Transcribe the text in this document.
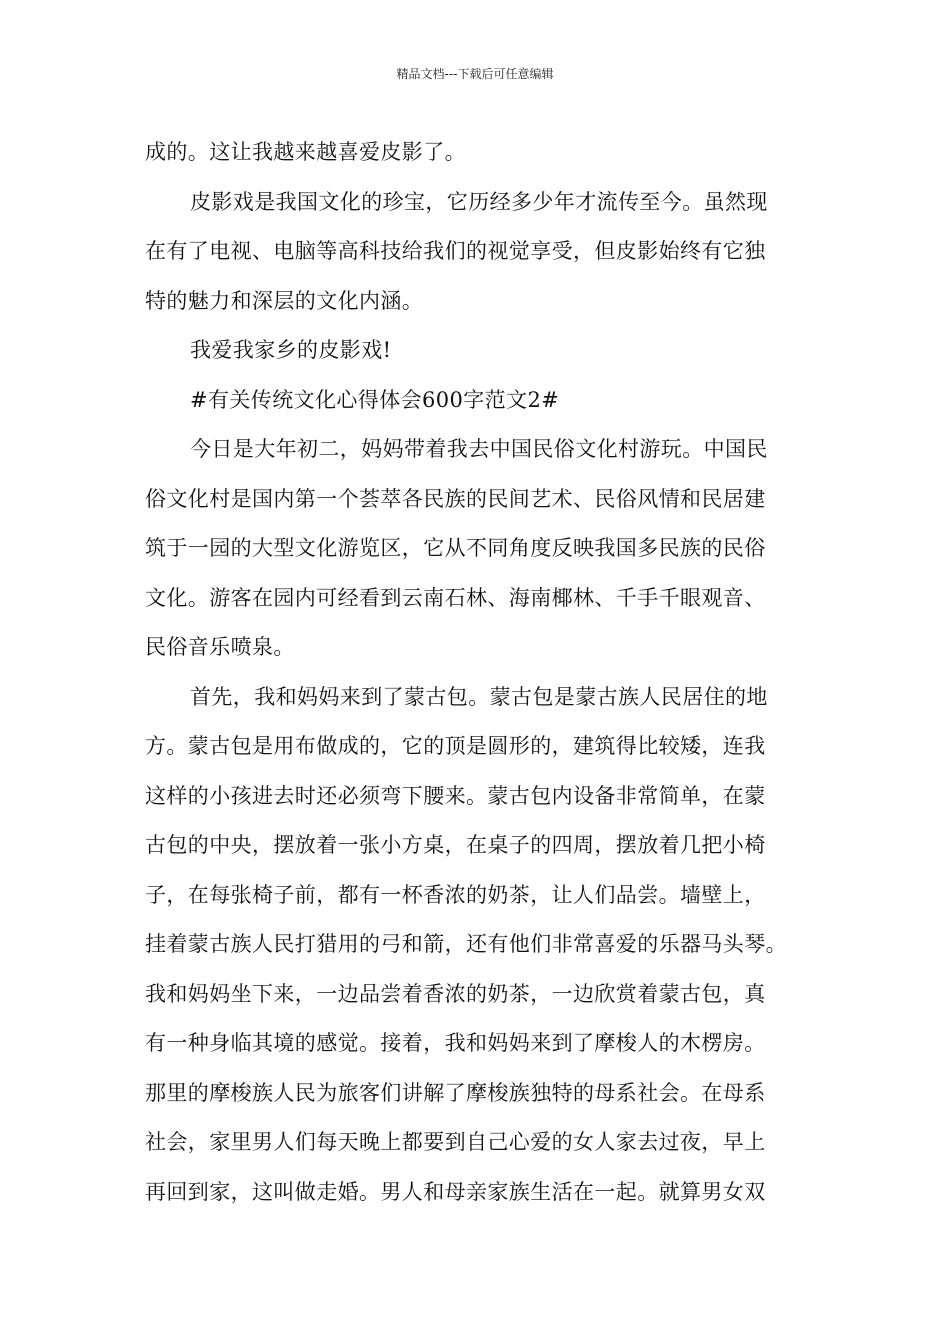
精品文档---下载后可任意编辑
成的。这让我越来越喜爱皮影了。
皮影戏是我国文化的珍宝，它历经多少年才流传至今。虽然现
在有了电视、电脑等高科技给我们的视觉享受，但皮影始终有它独
特的魅力和深层的文化内涵。
我爱我家乡的皮影戏!
#有关传统文化心得体会600字范文2#
今日是大年初二，妈妈带着我去中国民俗文化村游玩。中国民
俗文化村是国内第一个荟萃各民族的民间艺术、民俗风情和民居建
筑于一园的大型文化游览区，它从不同角度反映我国多民族的民俗
文化。游客在园内可经看到云南石林、海南椰林、千手千眼观音、
民俗音乐喷泉。
首先，我和妈妈来到了蒙古包。蒙古包是蒙古族人民居住的地
方。蒙古包是用布做成的，它的顶是圆形的，建筑得比较矮，连我
这样的小孩进去时还必须弯下腰来。蒙古包内设备非常简单，在蒙
古包的中央，摆放着一张小方桌，在桌子的四周，摆放着几把小椅
子，在每张椅子前，都有一杯香浓的奶茶，让人们品尝。墙壁上，
挂着蒙古族人民打猎用的弓和箭，还有他们非常喜爱的乐器马头琴。
我和妈妈坐下来，一边品尝着香浓的奶茶，一边欣赏着蒙古包，真
有一种身临其境的感觉。接着，我和妈妈来到了摩梭人的木楞房。
那里的摩梭族人民为旅客们讲解了摩梭族独特的母系社会。在母系
社会，家里男人们每天晚上都要到自己心爱的女人家去过夜，早上
再回到家，这叫做走婚。男人和母亲家族生活在一起。就算男女双
